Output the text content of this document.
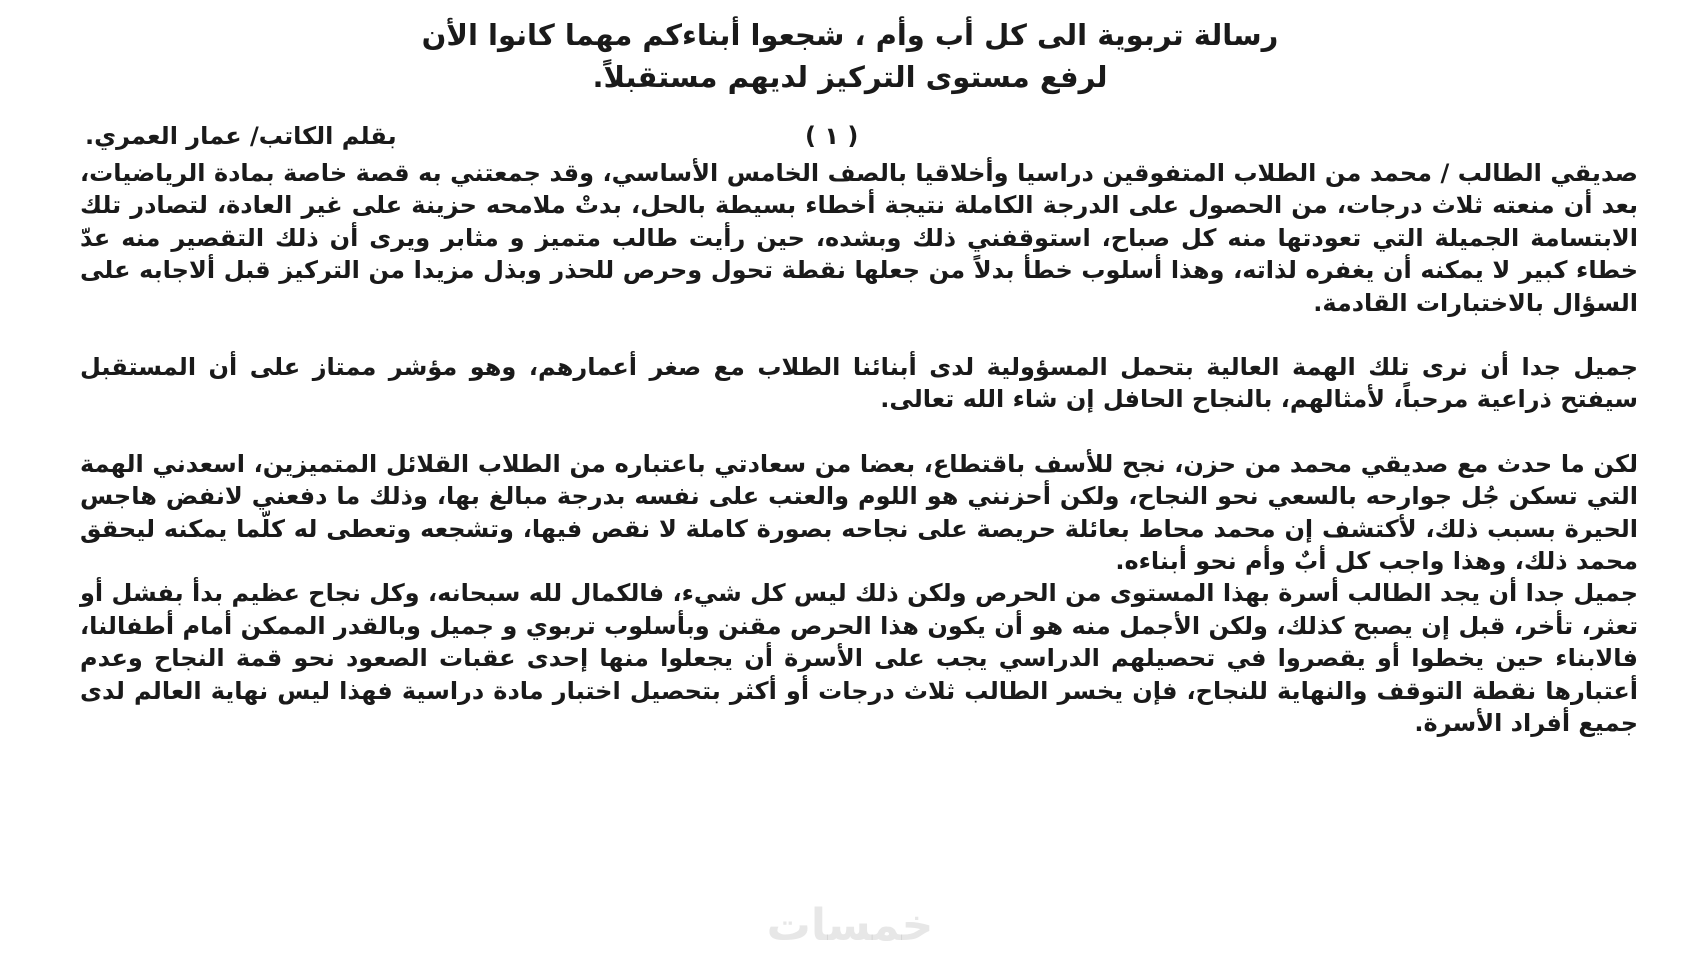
رسالة تربوية الى كل أب وأم ، شجعوا أبناءكم مهما كانوا الأن
لرفع مستوى التركيز لديهم مستقبلاً.
بقلم الكاتب/ عمار العمري.	( ١ )

صديقي الطالب / محمد من الطلاب المتفوقين دراسيا وأخلاقيا بالصف الخامس الأساسي، وقد جمعتني به قصة خاصة بمادة الرياضيات، بعد أن منعته ثلاث درجات، من الحصول على الدرجة الكاملة نتيجة أخطاء بسيطة بالحل، بدتْ ملامحه حزينة على غير العادة، لتصادر تلك الابتسامة الجميلة التي تعودتها منه كل صباح، استوقفني ذلك وبشده، حين رأيت طالب متميز و مثابر ويرى أن ذلك التقصير منه عدّ خطاء كبير لا يمكنه أن يغفره لذاته، وهذا أسلوب خطأ بدلاً من جعلها نقطة تحول وحرص للحذر وبذل مزيدا من التركيز قبل ألاجابه على السؤال بالاختبارات القادمة.

جميل جدا أن نرى تلك الهمة العالية بتحمل المسؤولية لدى أبنائنا الطلاب مع صغر أعمارهم، وهو مؤشر ممتاز على أن المستقبل سيفتح ذراعية مرحباً، لأمثالهم، بالنجاح الحافل إن شاء الله تعالى.

لكن ما حدث مع صديقي محمد من حزن، نجح للأسف باقتطاع، بعضا من سعادتي باعتباره من الطلاب القلائل المتميزين، اسعدني الهمة التي تسكن جُل جوارحه بالسعي نحو النجاح، ولكن أحزنني هو اللوم والعتب على نفسه بدرجة مبالغ بها، وذلك ما دفعني لانفض هاجس الحيرة بسبب ذلك، لأكتشف إن محمد محاط بعائلة حريصة على نجاحه بصورة كاملة لا نقص فيها، وتشجعه وتعطى له كلّما يمكنه ليحقق محمد ذلك، وهذا واجب كل أبٌ وأم نحو أبناءه.

جميل جدا أن يجد الطالب أسرة بهذا المستوى من الحرص ولكن ذلك ليس كل شيء، فالكمال لله سبحانه، وكل نجاح عظيم بدأ بفشل أو تعثر، تأخر، قبل إن يصبح كذلك، ولكن الأجمل منه هو أن يكون هذا الحرص مقنن وبأسلوب تربوي و جميل وبالقدر الممكن أمام أطفالنا، فالابناء حين يخطوا أو يقصروا في تحصيلهم الدراسي يجب على الأسرة أن يجعلوا منها إحدى عقبات الصعود نحو قمة النجاح وعدم أعتبارها نقطة التوقف والنهاية للنجاح، فإن يخسر الطالب ثلاث درجات أو أكثر بتحصيل اختبار مادة دراسية فهذا ليس نهاية العالم لدى جميع أفراد الأسرة.

خمسات
